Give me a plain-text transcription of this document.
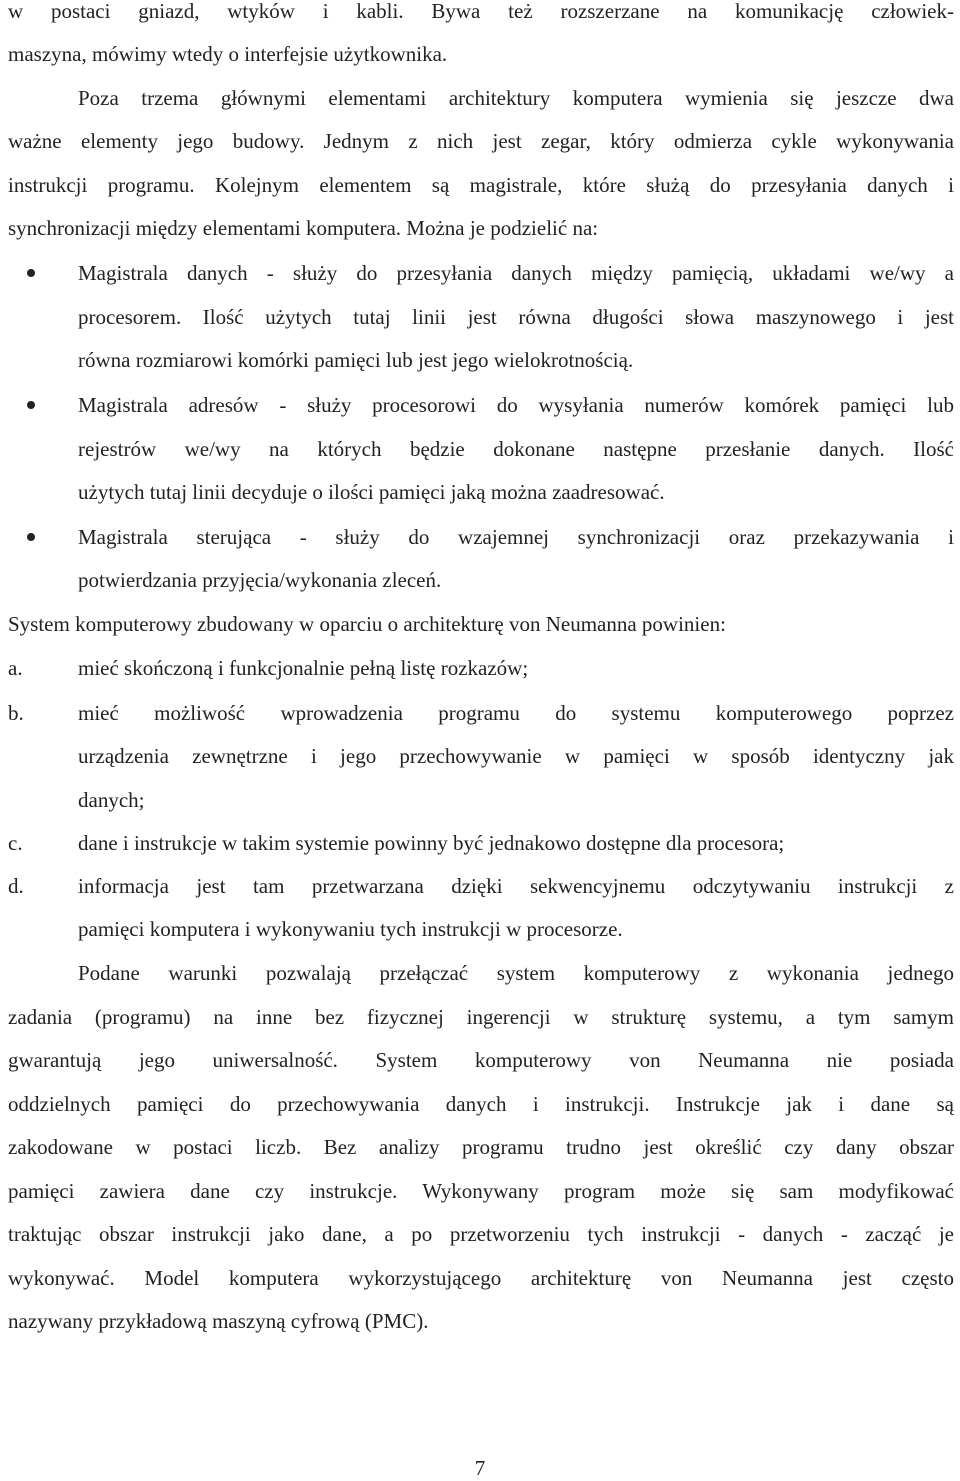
w postaci gniazd, wtyków i kabli. Bywa też rozszerzane na komunikację człowiek-
maszyna, mówimy wtedy o interfejsie użytkownika.
Poza trzema głównymi elementami architektury komputera wymienia się jeszcze dwa
ważne elementy jego budowy. Jednym z nich jest zegar, który odmierza cykle wykonywania
instrukcji programu. Kolejnym elementem są magistrale, które służą do przesyłania danych i
synchronizacji między elementami komputera. Można je podzielić na:
Magistrala danych - służy do przesyłania danych między pamięcią, układami we/wy a
procesorem. Ilość użytych tutaj linii jest równa długości słowa maszynowego i jest
równa rozmiarowi komórki pamięci lub jest jego wielokrotnością.
Magistrala adresów - służy procesorowi do wysyłania numerów komórek pamięci lub
rejestrów we/wy na których będzie dokonane następne przesłanie danych. Ilość
użytych tutaj linii decyduje o ilości pamięci jaką można zaadresować.
Magistrala sterująca - służy do wzajemnej synchronizacji oraz przekazywania i
potwierdzania przyjęcia/wykonania zleceń.
System komputerowy zbudowany w oparciu o architekturę von Neumanna powinien:
a.	mieć skończoną i funkcjonalnie pełną listę rozkazów;
b.	mieć możliwość wprowadzenia programu do systemu komputerowego poprzez
urządzenia zewnętrzne i jego przechowywanie w pamięci w sposób identyczny jak
danych;
c.	dane i instrukcje w takim systemie powinny być jednakowo dostępne dla procesora;
d.	informacja jest tam przetwarzana dzięki sekwencyjnemu odczytywaniu instrukcji z
pamięci komputera i wykonywaniu tych instrukcji w procesorze.
Podane warunki pozwalają przełączać system komputerowy z wykonania jednego
zadania (programu) na inne bez fizycznej ingerencji w strukturę systemu, a tym samym
gwarantują jego uniwersalność. System komputerowy von Neumanna nie posiada
oddzielnych pamięci do przechowywania danych i instrukcji. Instrukcje jak i dane są
zakodowane w postaci liczb. Bez analizy programu trudno jest określić czy dany obszar
pamięci zawiera dane czy instrukcje. Wykonywany program może się sam modyfikować
traktując obszar instrukcji jako dane, a po przetworzeniu tych instrukcji - danych - zacząć je
wykonywać. Model komputera wykorzystującego architekturę von Neumanna jest często
nazywany przykładową maszyną cyfrową (PMC).
7
